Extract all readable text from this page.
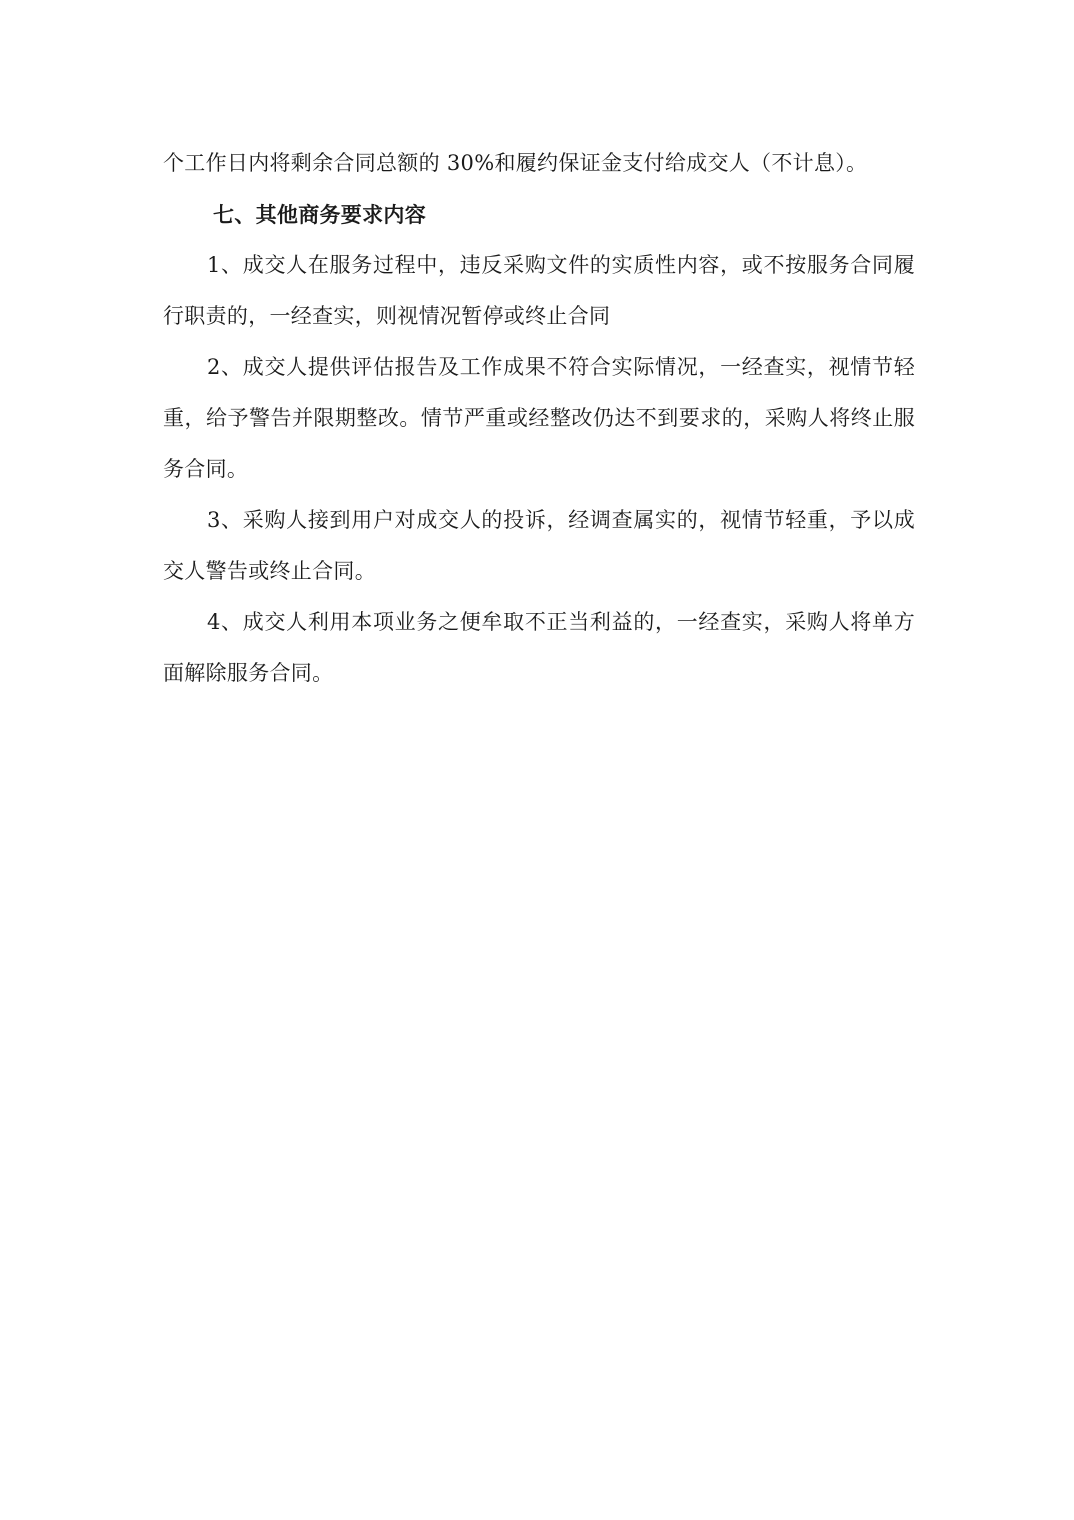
个工作日内将剩余合同总额的 30%和履约保证金支付给成交人（不计息）。

七、其他商务要求内容

1、成交人在服务过程中，违反采购文件的实质性内容，或不按服务合同履行职责的，一经查实，则视情况暂停或终止合同

2、成交人提供评估报告及工作成果不符合实际情况，一经查实，视情节轻重，给予警告并限期整改。情节严重或经整改仍达不到要求的，采购人将终止服务合同。

3、采购人接到用户对成交人的投诉，经调查属实的，视情节轻重，予以成交人警告或终止合同。

4、成交人利用本项业务之便牟取不正当利益的，一经查实，采购人将单方面解除服务合同。
